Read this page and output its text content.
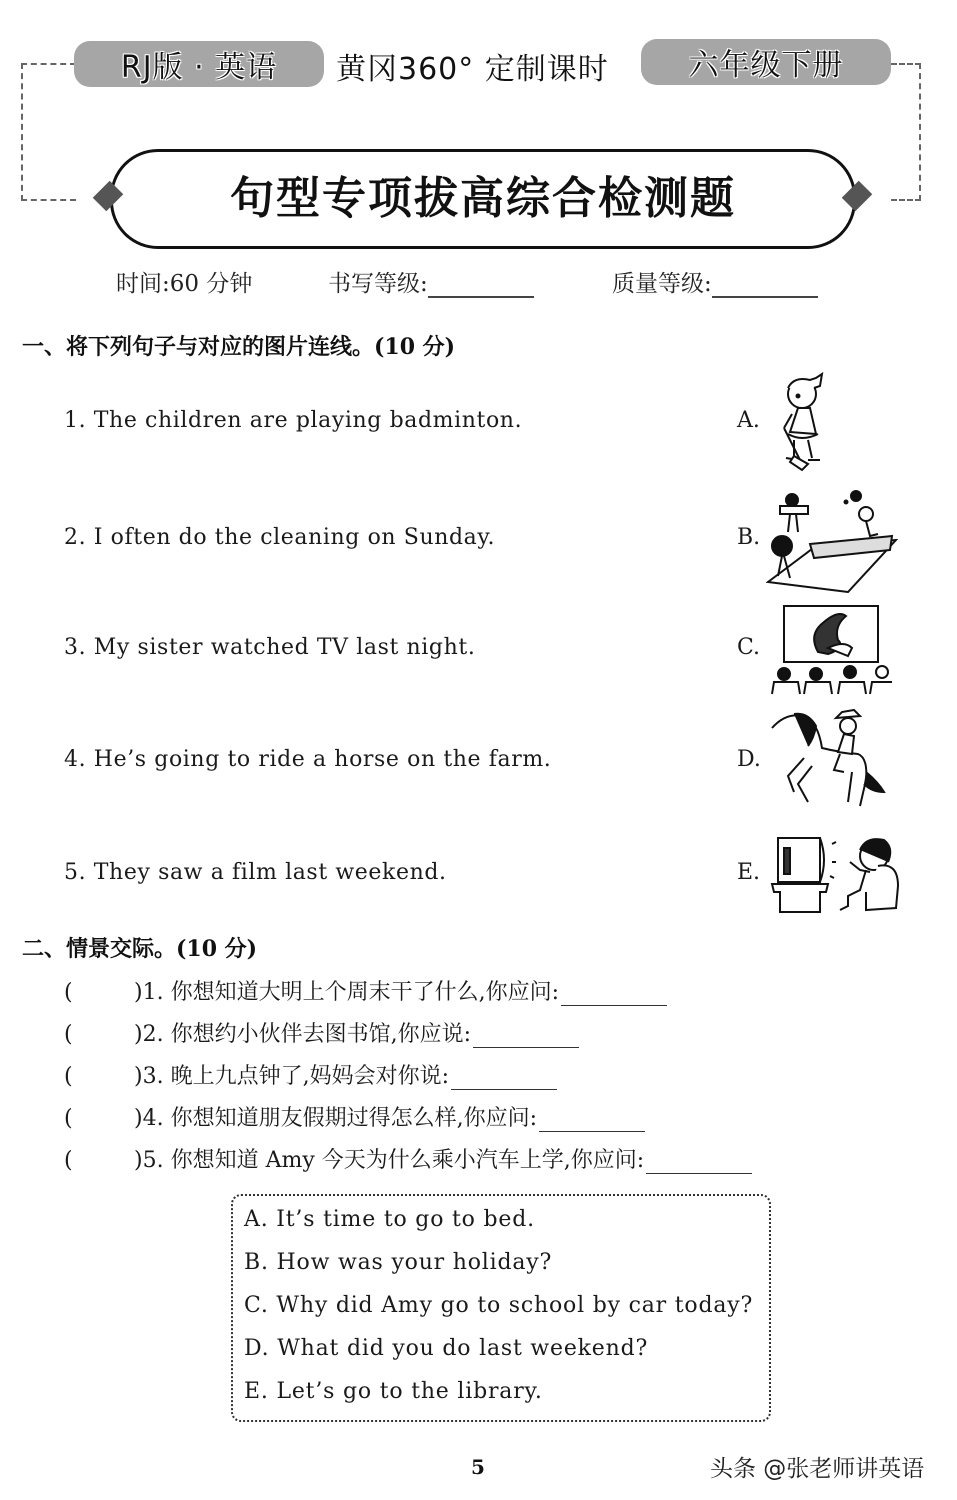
RJ版 · 英语 黄冈360° 定制课时	六年级下册
句型专项拔高综合检测题
时间:60 分钟	书写等级:	质量等级:
一、将下列句子与对应的图片连线。(10 分)
1. The children are playing badminton.
2. I often do the cleaning on Sunday.
3. My sister watched TV last night.
4. He’s going to ride a horse on the farm.
5. They saw a film last weekend.
A.
B.
C.
D.
E.
二、情景交际。(10 分)
(	)1. 你想知道大明上个周末干了什么,你应问:
(	)2. 你想约小伙伴去图书馆,你应说:
(	)3. 晚上九点钟了,妈妈会对你说:
(	)4. 你想知道朋友假期过得怎么样,你应问:
(	)5. 你想知道 Amy 今天为什么乘小汽车上学,你应问:
A. It’s time to go to bed.
B. How was your holiday?
C. Why did Amy go to school by car today?
D. What did you do last weekend?
E. Let’s go to the library.
5	头条 @张老师讲英语
